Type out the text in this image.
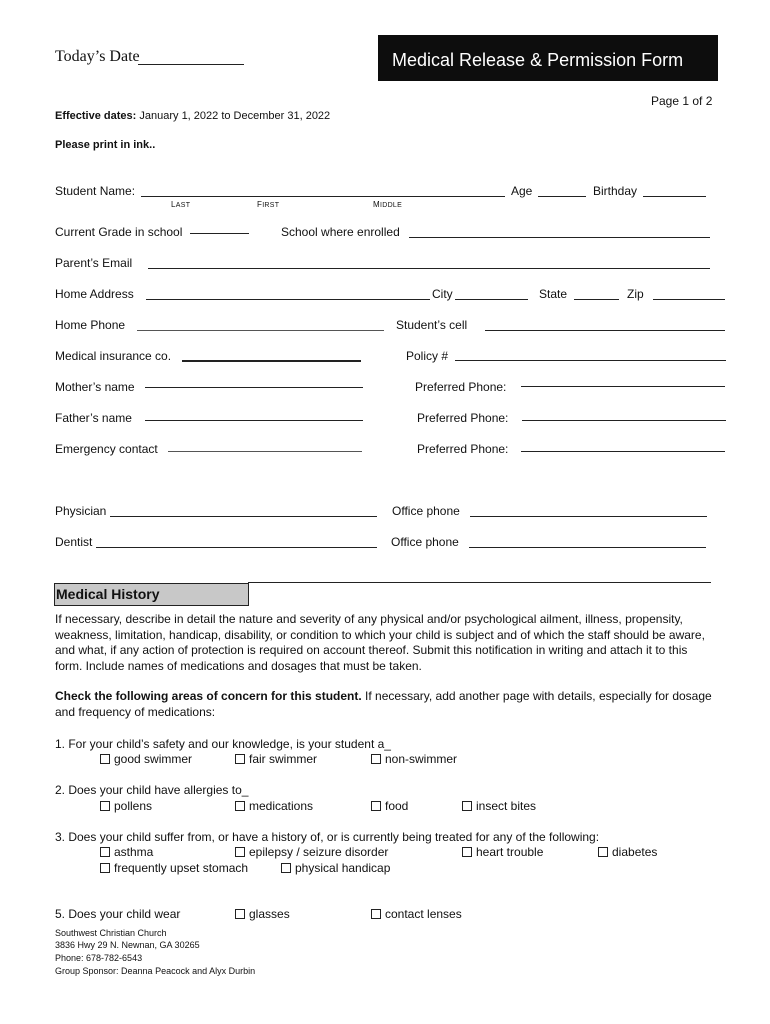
Today’s Date	Medical Release & Permission Form
Page 1 of 2
Effective dates: January 1, 2022 to December 31, 2022
Please print in ink..
Student Name:
LAST	FIRST	MIDDLE
Age	Birthday
Current Grade in school	School where enrolled
Parent’s Email
Home Address	City	State	Zip
Home Phone	Student’s cell
Medical insurance co.	Policy #
Mother’s name	Preferred Phone:
Father’s name	Preferred Phone:
Emergency contact	Preferred Phone:
Physician	Office phone
Dentist	Office phone
Medical History
If necessary, describe in detail the nature and severity of any physical and/or psychological ailment, illness, propensity, weakness, limitation, handicap, disability, or condition to which your child is subject and of which the staff should be aware, and what, if any action of protection is required on account thereof. Submit this notification in writing and attach it to this form. Include names of medications and dosages that must be taken.
Check the following areas of concern for this student. If necessary, add another page with details, especially for dosage and frequency of medications:
1. For your child’s safety and our knowledge, is your student a_
good swimmer	fair swimmer	non-swimmer
2. Does your child have allergies to_
pollens	medications	food	insect bites
3. Does your child suffer from, or have a history of, or is currently being treated for any of the following:
asthma	epilepsy / seizure disorder	heart trouble	diabetes
frequently upset stomach	physical handicap
5. Does your child wear	glasses	contact lenses
Southwest Christian Church
3836 Hwy 29 N. Newnan, GA 30265
Phone: 678-782-6543
Group Sponsor: Deanna Peacock and Alyx Durbin
